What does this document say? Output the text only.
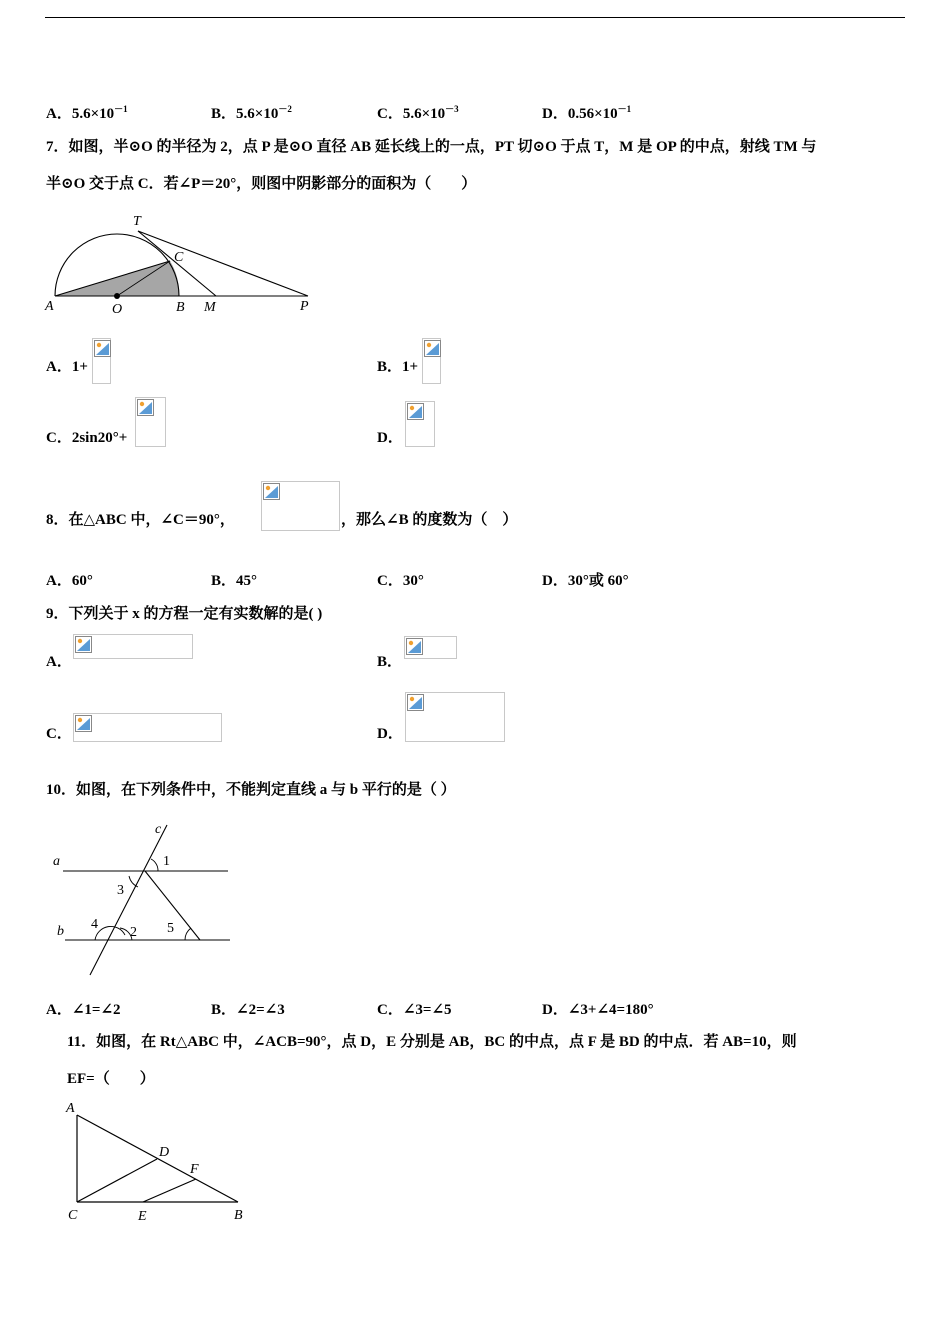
A．$5.6\times 10^{-1}$	B．$5.6\times 10^{-2}$	C．$5.6\times 10^{-3}$	D．$0.56\times 10^{-1}$
7．如图，半⊙O 的半径为 2，点 P 是⊙O 直径 AB 延长线上的一点，PT 切⊙O 于点 T，M 是 OP 的中点，射线 TM 与
半⊙O 交于点 C．若∠P＝20°，则图中阴影部分的面积为（　　）
T
C
A	O	B M	P
A．1+	B．1+
C．2sin20°+	D．
8．在△ABC 中，∠C＝90°，	，那么∠B 的度数为（　）
A．60°	B．45°	C．30°	D．30°或 60°
9．下列关于 x 的方程一定有实数解的是( )
A．	B．
C．	D．
10．如图，在下列条件中，不能判定直线 a 与 b 平行的是（ ）
a
b
c
1
3
4
2 5
A．∠1=∠2	B．∠2=∠3	C．∠3=∠5	D．∠3+∠4=180°
11．如图，在 Rt△ABC 中，∠ACB=90°，点 D，E 分别是 AB，BC 的中点，点 F 是 BD 的中点．若 AB=10，则
EF=（　　）
A
D
F
C	E	B
